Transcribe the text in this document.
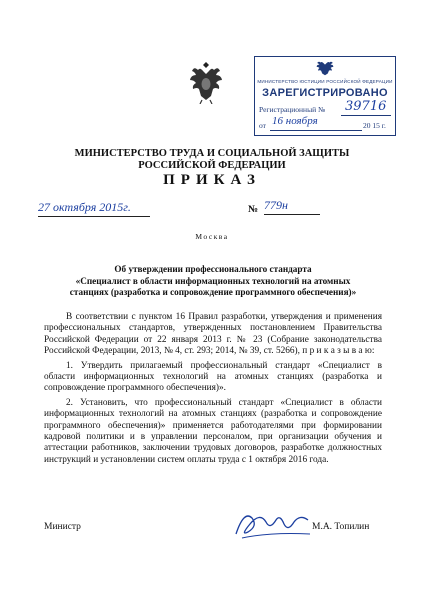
МИНИСТЕРСТВО ЮСТИЦИИ РОССИЙСКОЙ ФЕДЕРАЦИИ
ЗАРЕГИСТРИРОВАНО
Регистрационный № 39716
от 16 ноября	20 15 г.
МИНИСТЕРСТВО ТРУДА И СОЦИАЛЬНОЙ ЗАЩИТЫ
РОССИЙСКОЙ ФЕДЕРАЦИИ
ПРИКАЗ
27 октября 2015г.	№ 779н
Москва
Об утверждении профессионального стандарта
«Специалист в области информационных технологий на атомных
станциях (разработка и сопровождение программного обеспечения)»

В соответствии с пунктом 16 Правил разработки, утверждения и применения профессиональных стандартов, утвержденных постановлением Правительства Российской Федерации от 22 января 2013 г. № 23 (Собрание законодательства Российской Федерации, 2013, № 4, ст. 293; 2014, № 39, ст. 5266), п р и к а з ы в а ю:

1. Утвердить прилагаемый профессиональный стандарт «Специалист в области информационных технологий на атомных станциях (разработка и сопровождение программного обеспечения)».

2. Установить, что профессиональный стандарт «Специалист в области информационных технологий на атомных станциях (разработка и сопровождение программного обеспечения)» применяется работодателями при формировании кадровой политики и в управлении персоналом, при организации обучения и аттестации работников, заключении трудовых договоров, разработке должностных инструкций и установлении систем оплаты труда с 1 октября 2016 года.

Министр	М.А. Топилин
